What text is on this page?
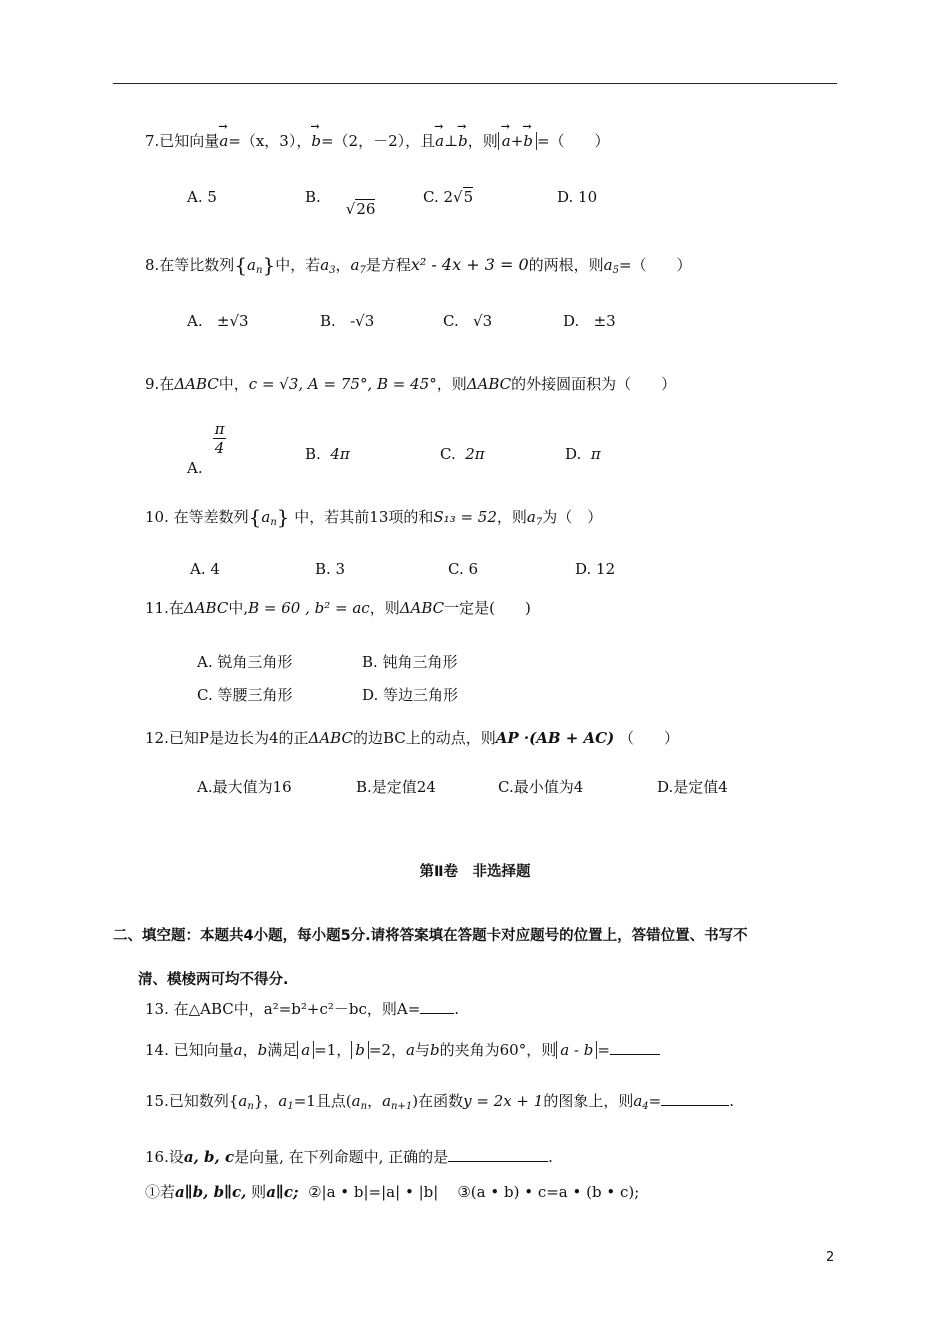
7.已知向量→ a=（x，3），→ b=（2，－2），且→ a⊥→ b，则→ a+→ b =（　　）
A. 5	B.√26
C. 2√5	D. 10
8.在等比数列$\{a_n\}$中，若$a_3$，$a_7$是方程x² - 4x + 3 = 0的两根，则$a_5=$（　　）
A. ±√3	B. -√3	C. √3	D. ±3
9.在ΔABC中，c = √3, A = 75°, B = 45°，则ΔABC的外接圆面积为（　　）
A.
$\frac{\pi}{4}$	B. 4π	C. 2π	D. π
10. 在等差数列$\{a_n\}$ 中，若其前13项的和S₁₃ = 52，则$a_7$为（　）
A. 4	B. 3	C. 6	D. 12
11.在ΔABC中,B = 60 , b² = ac，则ΔABC一定是(　　)
A. 锐角三角形	B. 钝角三角形
C. 等腰三角形	D. 等边三角形
12.已知P是边长为4的正ΔABC的边BC上的动点，则AP ·(AB + AC) （　　）
A.最大值为16	B.是定值24	C.最小值为4	D.是定值4
第Ⅱ卷　非选择题
二、填空题：本题共4小题，每小题5分.请将答案填在答题卡对应题号的位置上，答错位置、书写不
清、模棱两可均不得分.
13. 在△ABC中，a²=b²+c²－bc，则A= .
14. 已知向量a，b满足 a =1， b =2，a与b的夹角为60°，则 a - b =
15.已知数列$\{a_n\}$，$a_1=1$且点($a_n$，$a_{n+1}$)在函数y = 2x + 1的图象上，则$a_4=$	.
16.设a, b, c是向量, 在下列命题中, 正确的是	.
①若a∥b, b∥c, 则a∥c; ②|a • b|=|a| • |b| ③(a • b) • c=a • (b • c);
2
